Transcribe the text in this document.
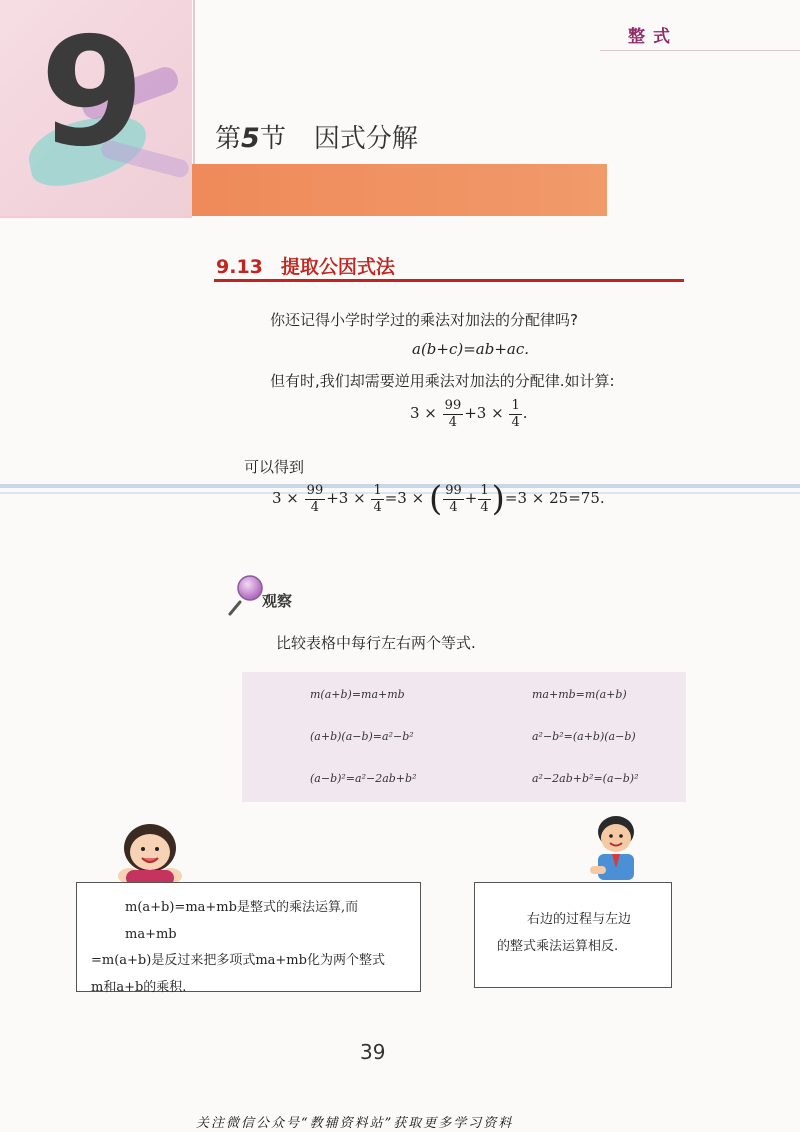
9	整式
第5节 因式分解
9.13 提取公因式法
你还记得小学时学过的乘法对加法的分配律吗?
a(b+c)=ab+ac.
但有时,我们却需要逆用乘法对加法的分配律.如计算:
$3 \times \frac{99}{4} +3 \times \frac{1}{4}$ .
可以得到
$3 \times \frac{99}{4} +3 \times \frac{1}{4} =3$ × ( $\frac{99}{4} + \frac{1}{4} )=3 \times 25=75$.
观察
比较表格中每行左右两个等式.
m(a+b)=ma+mb	ma+mb=m(a+b)
(a+b)(a−b)=a²−b²	a²−b²=(a+b)(a−b)
(a−b)²=a²−2ab+b²	a²−2ab+b²=(a−b)²
m(a+b)=ma+mb是整式的乘法运算,而ma+mb
=m(a+b)是反过来把多项式ma+mb化为两个整式
m和a+b的乘积.
右边的过程与左边
的整式乘法运算相反.
39
关注微信公众号“教辅资料站”获取更多学习资料
